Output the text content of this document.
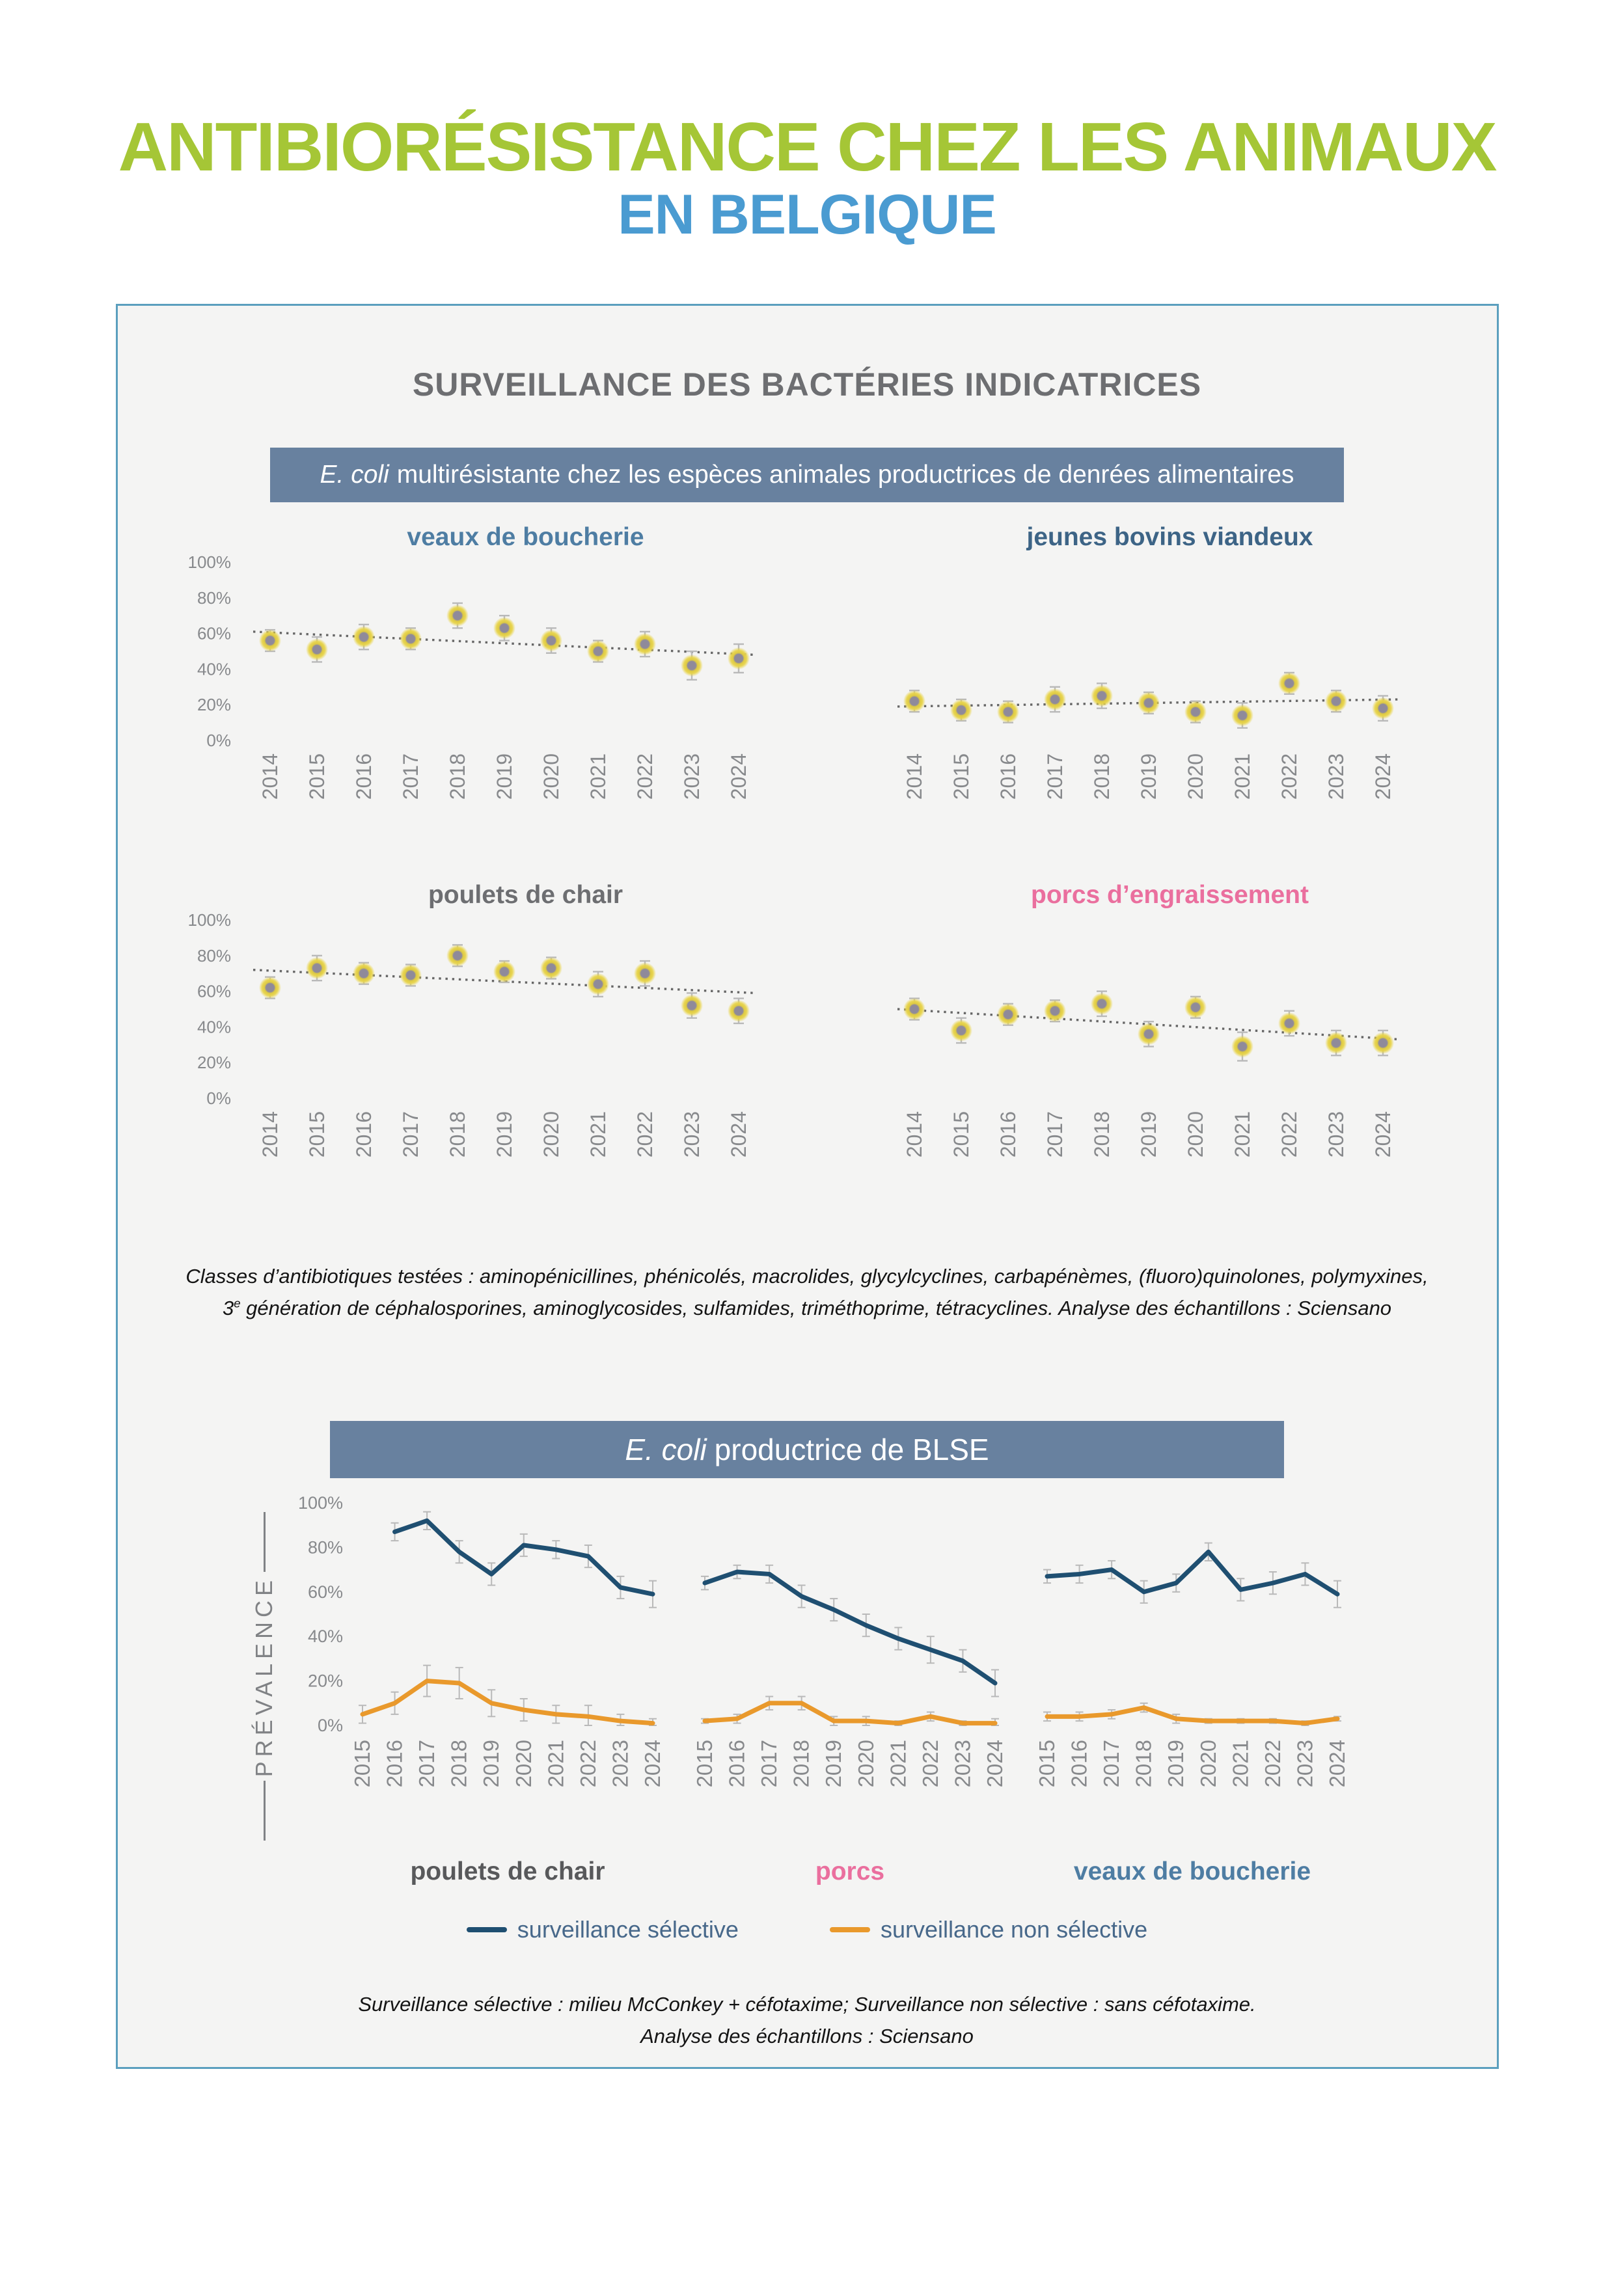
ANTIBIORÉSISTANCE CHEZ LES ANIMAUX
EN BELGIQUE
SURVEILLANCE DES BACTÉRIES INDICATRICES
E. coli multirésistante chez les espèces animales productrices de denrées alimentaires
veaux de boucherie
0%
20%
40%
60%
80%
100%
2014 2015 2016 2017 2018 2019 2020 2021 2022 2023 2024
jeunes bovins viandeux
2014 2015 2016 2017 2018 2019 2020 2021 2022 2023 2024
poulets de chair
0%
20%
40%
60%
80%
100%
2014 2015 2016 2017 2018 2019 2020 2021 2022 2023 2024
porcs d’engraissement
2014 2015 2016 2017 2018 2019 2020 2021 2022 2023 2024

Classes d’antibiotiques testées : aminopénicillines, phénicolés, macrolides, glycylcyclines, carbapénèmes, (fluoro)quinolones, polymyxines,
3e génération de céphalosporines, aminoglycosides, sulfamides, triméthoprime, tétracyclines. Analyse des échantillons : Sciensano

E. coli productrice de BLSE
PRÉVALENCE 0%
20%
40%
60%
80%
100%
2015 2016 2017 2018 2019 2020 2021 2022 2023 2024
poulets de chair
2015 2016 2017 2018 2019 2020 2021 2022 2023 2024
porcs
2015 2016 2017 2018 2019 2020 2021 2022 2023 2024
veaux de boucherie
surveillance sélective	surveillance non sélective

Surveillance sélective : milieu McConkey + céfotaxime; Surveillance non sélective : sans céfotaxime.
Analyse des échantillons : Sciensano
